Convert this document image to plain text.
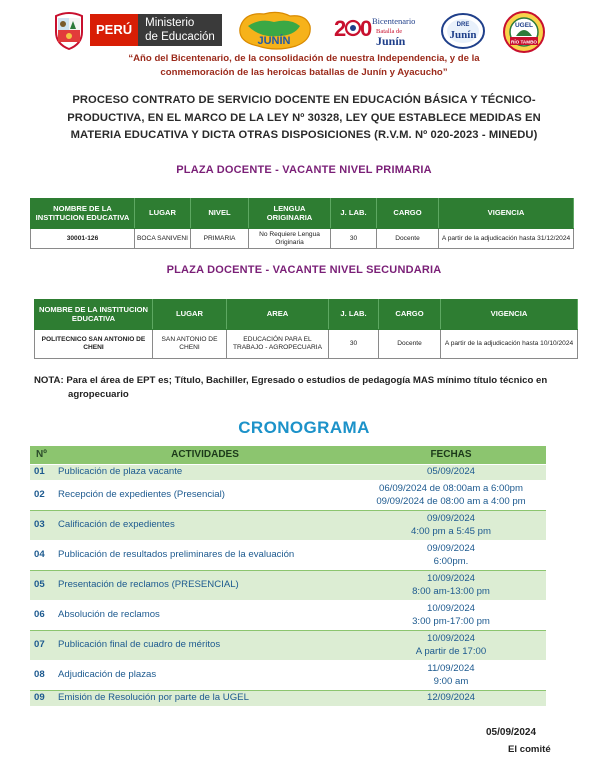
PERÚ	Ministerio
de Educación	JUNÍN 2 0 Bicentenario
Batalla de
Junín
DRE
Junín
UGEL
RÍO TAMBO
“Año del Bicentenario, de la consolidación de nuestra Independencia, y de la
conmemoración de las heroicas batallas de Junín y Ayacucho”
PROCESO CONTRATO DE SERVICIO DOCENTE EN EDUCACIÓN BÁSICA Y TÉCNICO-
PRODUCTIVA, EN EL MARCO DE LA LEY Nº 30328, LEY QUE ESTABLECE MEDIDAS EN
MATERIA EDUCATIVA Y DICTA OTRAS DISPOSICIONES (R.V.M. Nº 020-2023 - MINEDU)
PLAZA DOCENTE - VACANTE NIVEL PRIMARIA
NOMBRE DE LA INSTITUCION EDUCATIVA	LUGAR	NIVEL	LENGUA ORIGINARIA	J. LAB.	CARGO	VIGENCIA
30001-126	BOCA SANIVENI	PRIMARIA	No Requiere Lengua Originaria	30	Docente	A partir de la adjudicación hasta 31/12/2024
PLAZA DOCENTE - VACANTE NIVEL SECUNDARIA
NOMBRE DE LA INSTITUCION EDUCATIVA	LUGAR	AREA	J. LAB.	CARGO	VIGENCIA
POLITECNICO SAN ANTONIO DE CHENI	SAN ANTONIO DE CHENI	EDUCACIÓN PARA EL TRABAJO - AGROPECUARIA	30	Docente	A partir de la adjudicación hasta 10/10/2024
NOTA: Para el área de EPT es; Título, Bachiller, Egresado o estudios de pedagogía MAS mínimo título técnico en
agropecuario
CRONOGRAMA
Nº	ACTIVIDADES	FECHAS
01	Publicación de plaza vacante	05/09/2024

02	Recepción de expedientes (Presencial)	06/09/2024 de 08:00am a 6:00pm
09/09/2024 de 08:00 am a 4:00 pm

03	Calificación de expedientes	09/09/2024
4:00 pm a 5:45 pm

04	Publicación de resultados preliminares de la evaluación	09/09/2024
6:00pm.

05	Presentación de reclamos (PRESENCIAL)	10/09/2024
8:00 am-13:00 pm

06	Absolución de reclamos	10/09/2024
3:00 pm-17:00 pm

07	Publicación final de cuadro de méritos	10/09/2024
A partir de 17:00

08	Adjudicación de plazas	11/09/2024
9:00 am

09	Emisión de Resolución por parte de la UGEL	12/09/2024
05/09/2024
El comité
